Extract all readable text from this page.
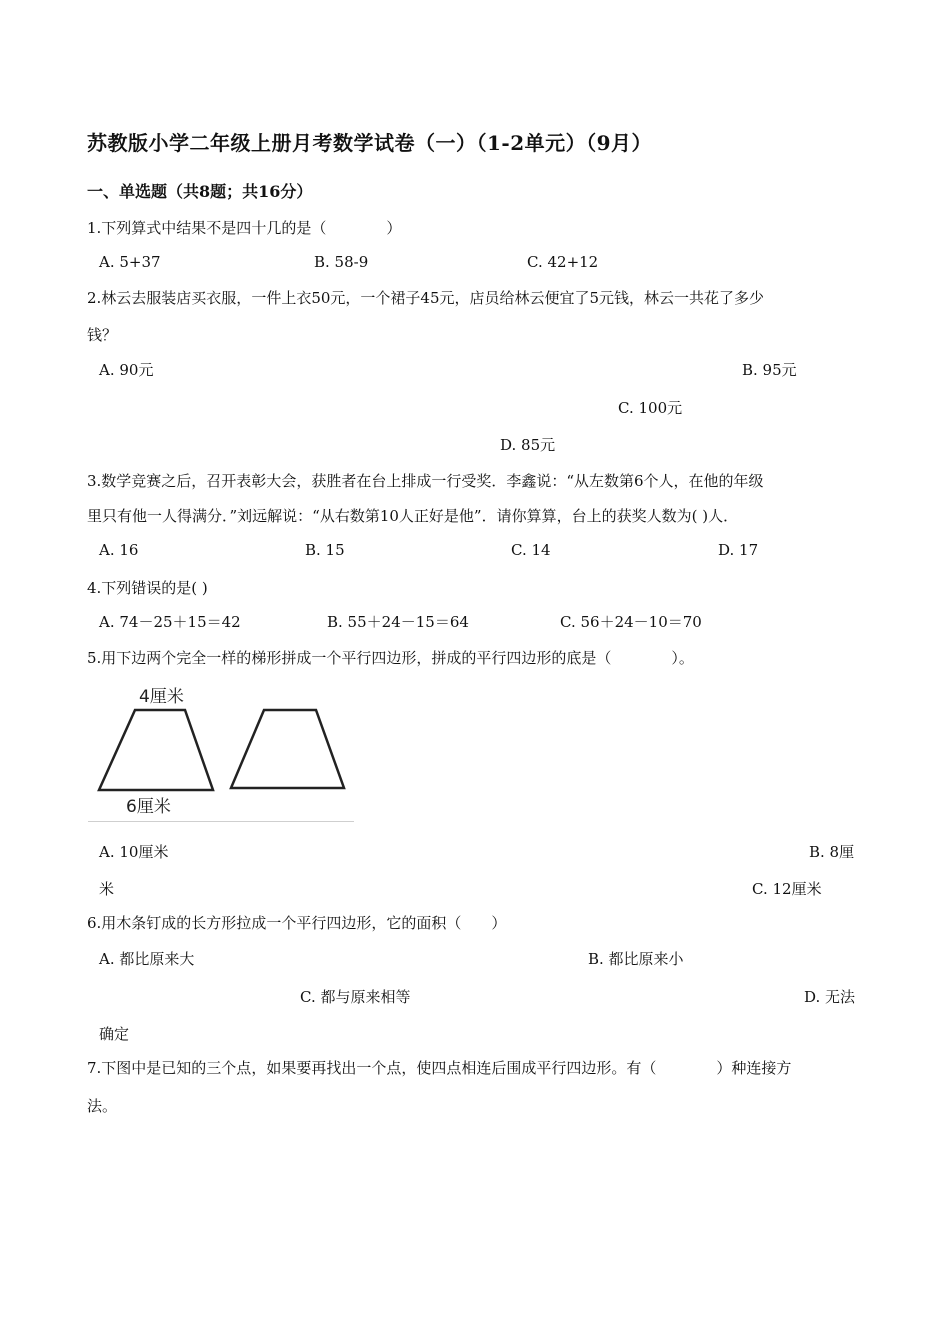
苏教版小学二年级上册月考数学试卷（一）（1-2单元）（9月）
一、单选题（共8题；共16分）
1.下列算式中结果不是四十几的是（　　　　）
A. 5+37	B. 58-9	C. 42+12
2.林云去服装店买衣服，一件上衣50元，一个裙子45元，店员给林云便宜了5元钱，林云一共花了多少
钱？
A. 90元	B. 95元
C. 100元
D. 85元
3.数学竞赛之后，召开表彰大会，获胜者在台上排成一行受奖．李鑫说：“从左数第6个人，在他的年级
里只有他一人得满分．”刘远解说：“从右数第10人正好是他”．请你算算，台上的获奖人数为( )人．
A. 16	B. 15	C. 14	D. 17
4.下列错误的是( )
A. 74－25＋15＝42	B. 55＋24－15＝64	C. 56＋24－10＝70
5.用下边两个完全一样的梯形拼成一个平行四边形，拼成的平行四边形的底是（　　　　）。
4厘米
6厘米
A. 10厘米	B. 8厘
米	C. 12厘米
6.用木条钉成的长方形拉成一个平行四边形，它的面积（　　）
A. 都比原来大	B. 都比原来小
C. 都与原来相等	D. 无法
确定
7.下图中是已知的三个点，如果要再找出一个点，使四点相连后围成平行四边形。有（　　　　）种连接方
法。
